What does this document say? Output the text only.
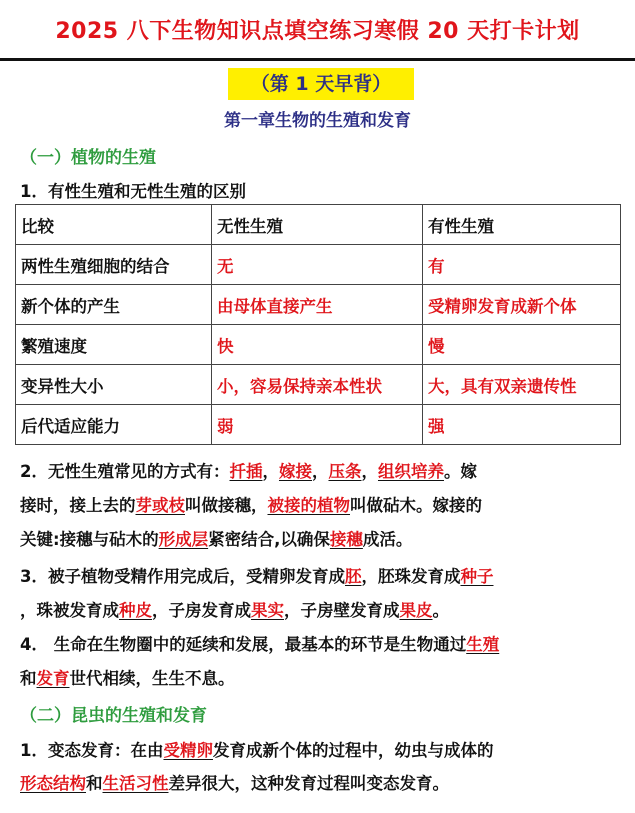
2025 八下生物知识点填空练习寒假 20 天打卡计划
（第 1 天早背）
第一章生物的生殖和发育
（一）植物的生殖
1．有性生殖和无性生殖的区别
比较	无性生殖	有性生殖
两性生殖细胞的结合	无	有
新个体的产生	由母体直接产生	受精卵发育成新个体
繁殖速度	快	慢
变异性大小	小，容易保持亲本性状	大，具有双亲遗传性
后代适应能力	弱	强
2．无性生殖常见的方式有：扦插，嫁接，压条，组织培养。嫁
接时，接上去的芽或枝叫做接穗，被接的植物叫做砧木。嫁接的
关键:接穗与砧木的形成层紧密结合,以确保接穗成活。
3．被子植物受精作用完成后，受精卵发育成胚，胚珠发育成种子
，珠被发育成种皮，子房发育成果实，子房壁发育成果皮。
4． 生命在生物圈中的延续和发展，最基本的环节是生物通过生殖
和发育世代相续，生生不息。
（二）昆虫的生殖和发育
1．变态发育：在由受精卵发育成新个体的过程中，幼虫与成体的
形态结构和生活习性差异很大，这种发育过程叫变态发育。
